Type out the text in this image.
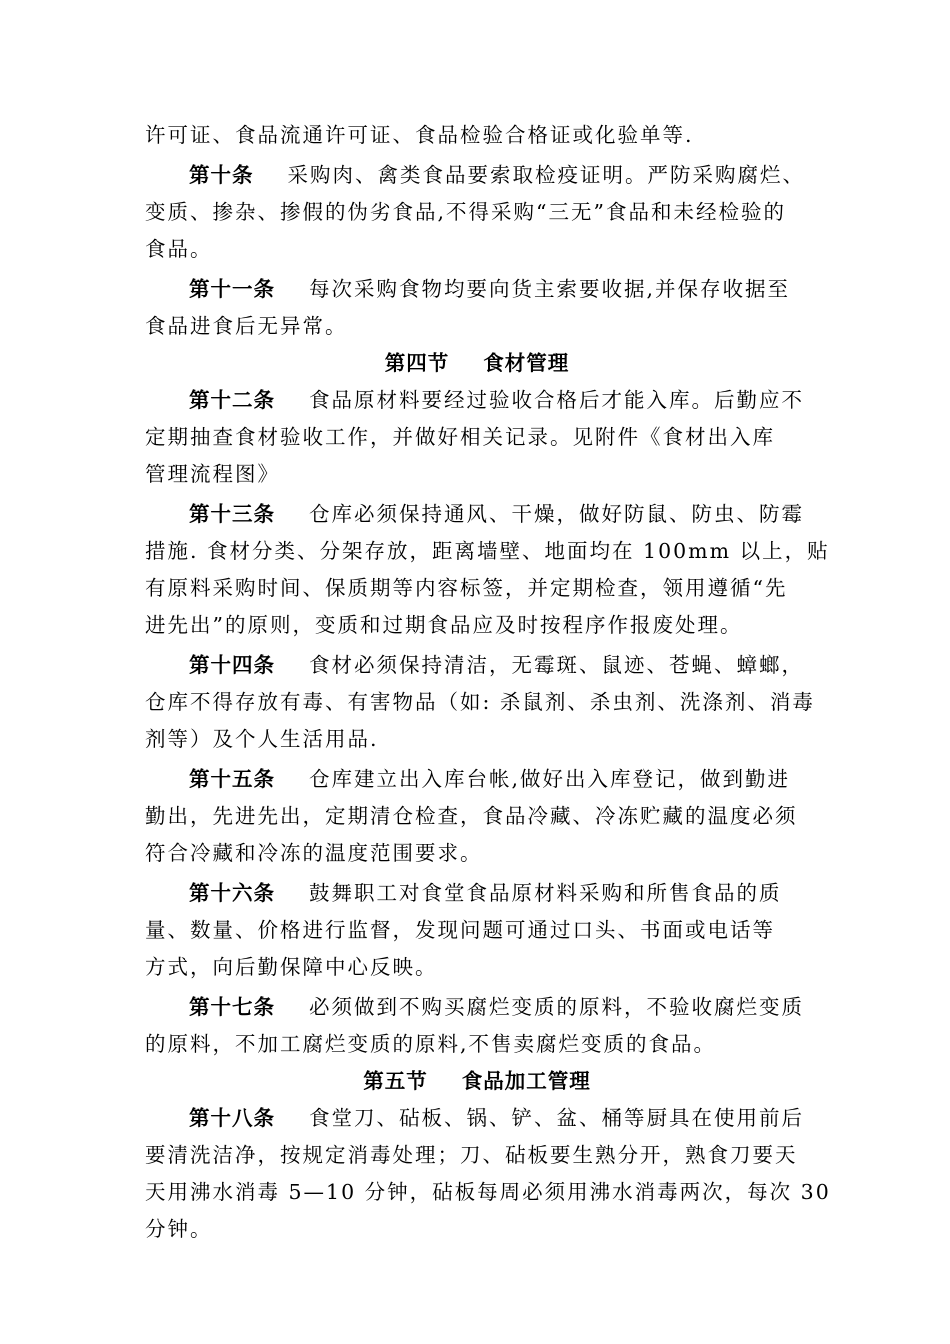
许可证、食品流通许可证、食品检验合格证或化验单等.
第十条 采购肉、禽类食品要索取检疫证明。严防采购腐烂、
变质、掺杂、掺假的伪劣食品,不得采购“三无”食品和未经检验的
食品。
第十一条 每次采购食物均要向货主索要收据,并保存收据至
食品进食后无异常。
第四节 食材管理
第十二条 食品原材料要经过验收合格后才能入库。后勤应不
定期抽查食材验收工作，并做好相关记录。见附件《食材出入库
管理流程图》
第十三条 仓库必须保持通风、干燥，做好防鼠、防虫、防霉
措施. 食材分类、分架存放，距离墙壁、地面均在 100mm 以上，贴
有原料采购时间、保质期等内容标签，并定期检查，领用遵循“先
进先出”的原则，变质和过期食品应及时按程序作报废处理。
第十四条 食材必须保持清洁，无霉斑、鼠迹、苍蝇、蟑螂，
仓库不得存放有毒、有害物品（如: 杀鼠剂、杀虫剂、洗涤剂、消毒
剂等）及个人生活用品.
第十五条 仓库建立出入库台帐,做好出入库登记，做到勤进
勤出，先进先出，定期清仓检查，食品冷藏、冷冻贮藏的温度必须
符合冷藏和冷冻的温度范围要求。
第十六条 鼓舞职工对食堂食品原材料采购和所售食品的质
量、数量、价格进行监督，发现问题可通过口头、书面或电话等
方式，向后勤保障中心反映。
第十七条 必须做到不购买腐烂变质的原料，不验收腐烂变质
的原料，不加工腐烂变质的原料,不售卖腐烂变质的食品。
第五节 食品加工管理
第十八条 食堂刀、砧板、锅、铲、盆、桶等厨具在使用前后
要清洗洁净，按规定消毒处理；刀、砧板要生熟分开，熟食刀要天
天用沸水消毒 5—10 分钟，砧板每周必须用沸水消毒两次，每次 30
分钟。
